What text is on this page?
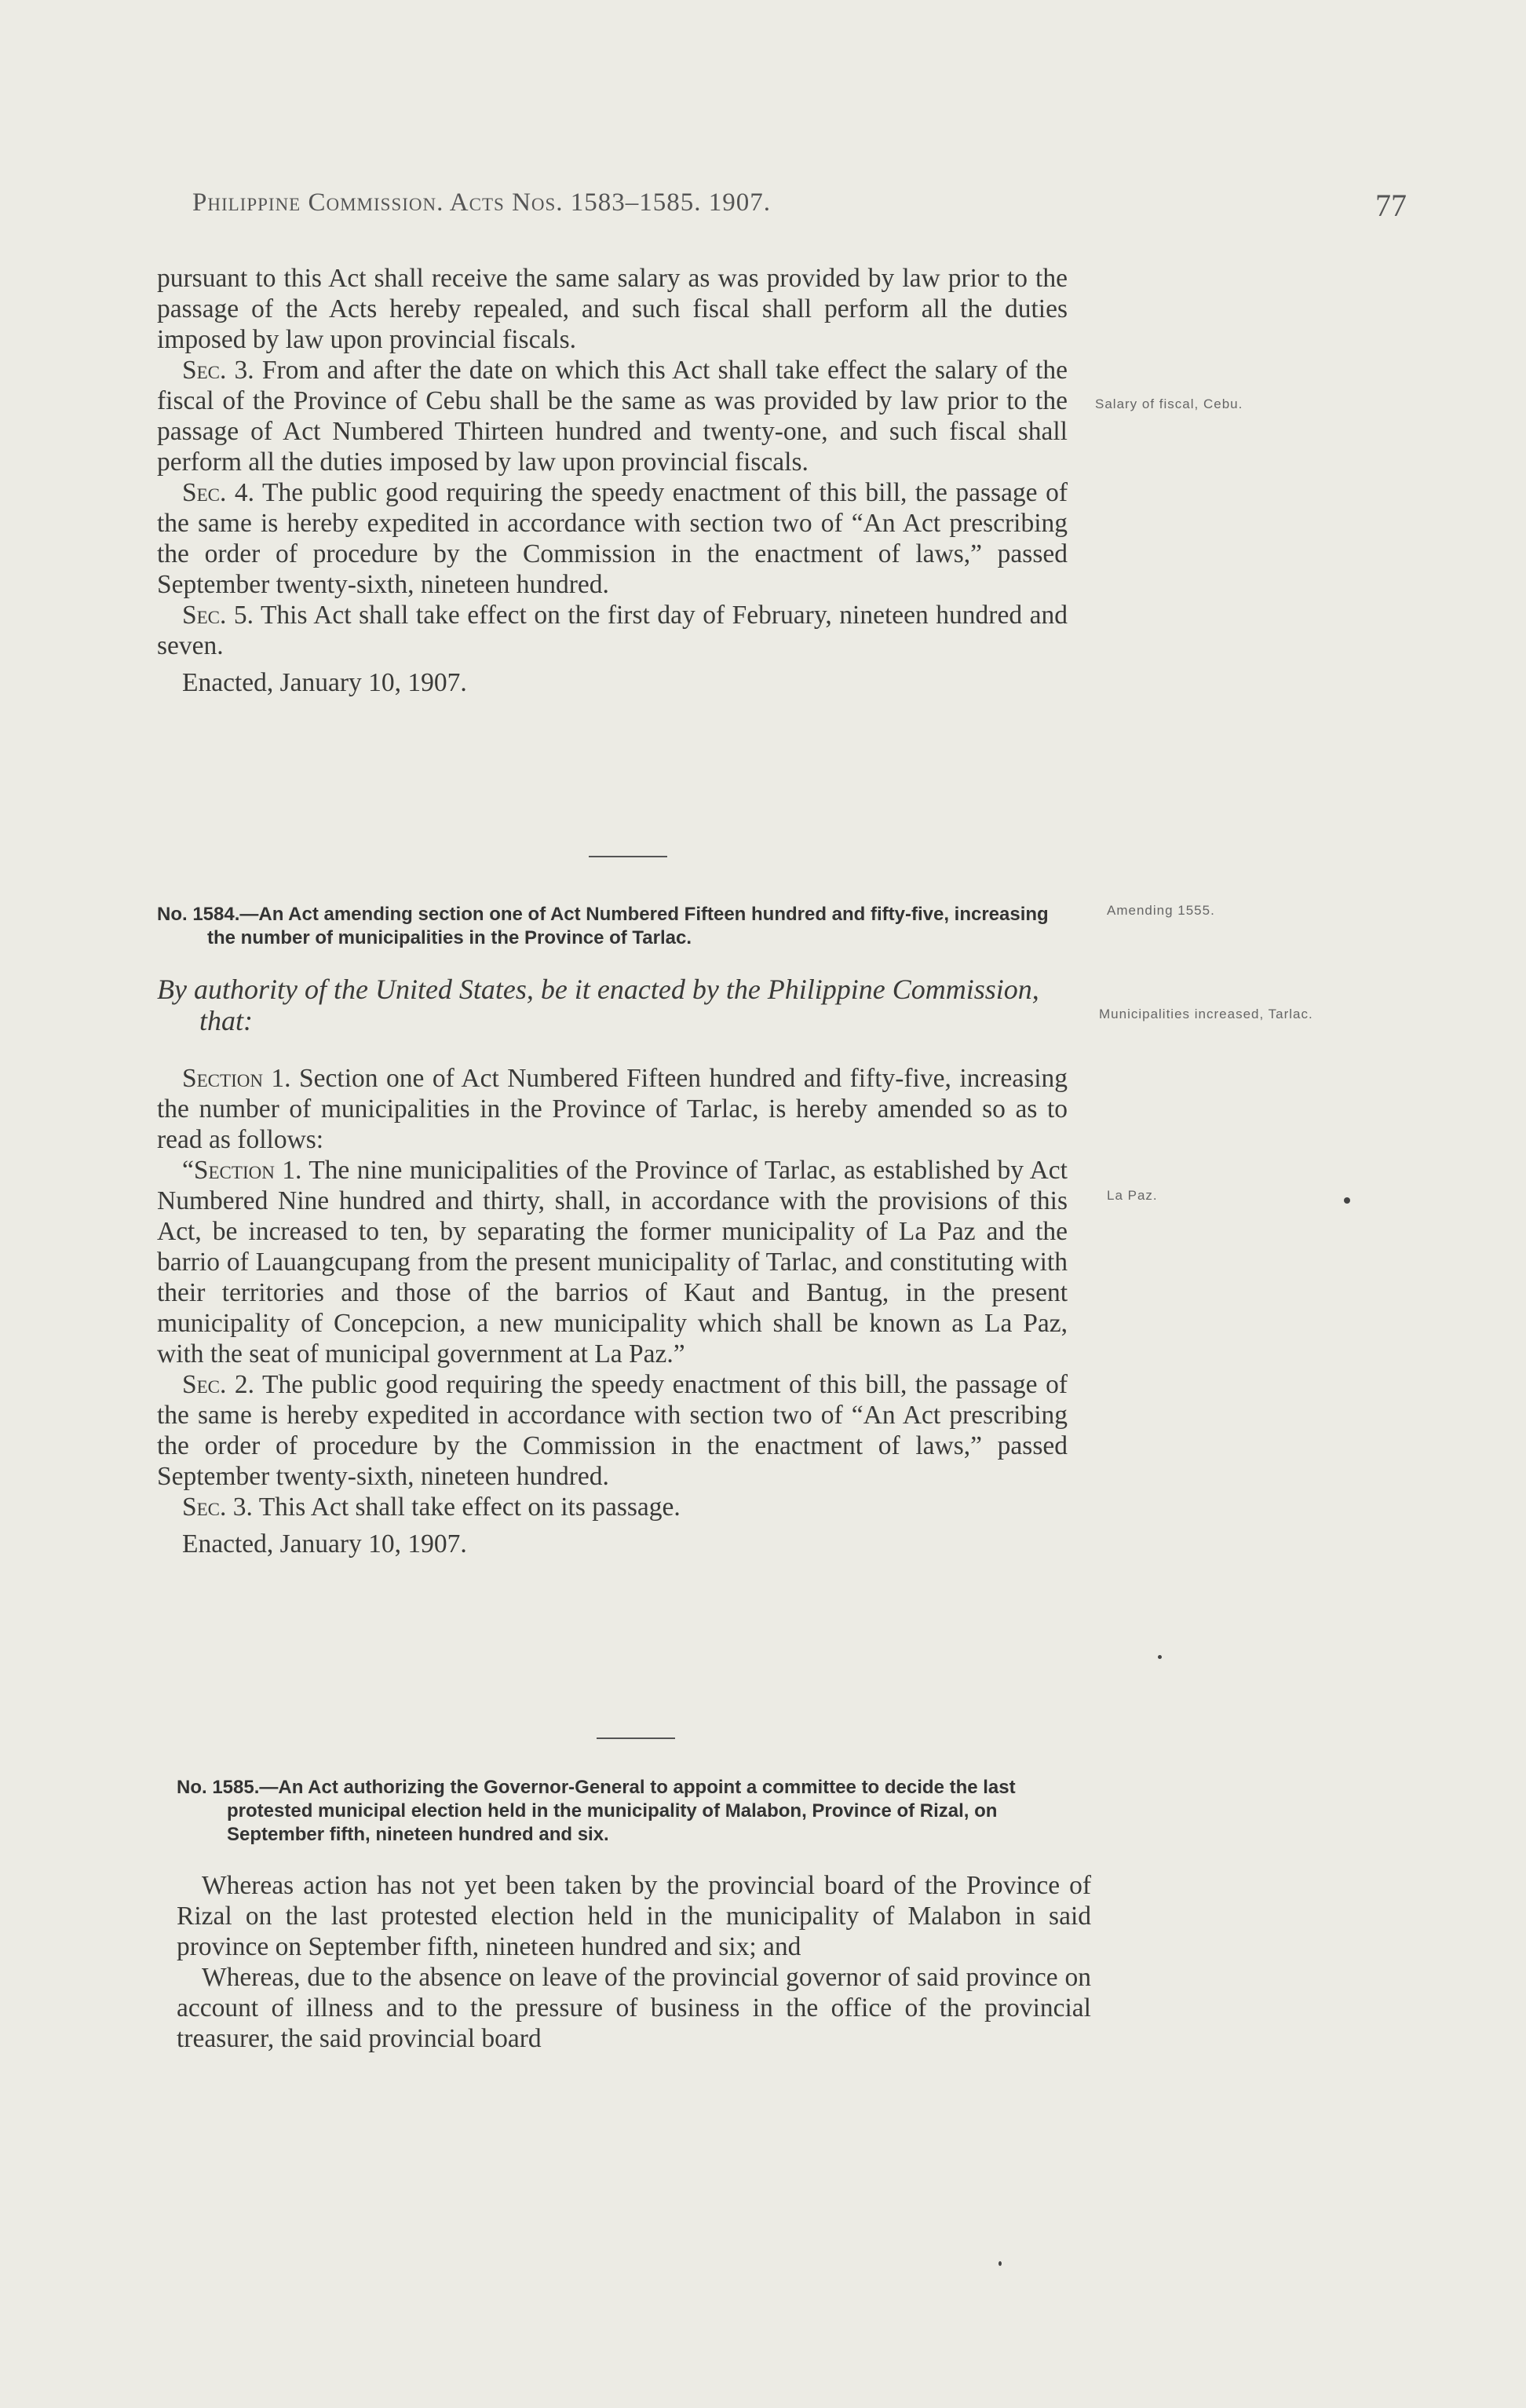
Philippine Commission. Acts Nos. 1583–1585. 1907.	77

pursuant to this Act shall receive the same salary as was provided by law prior to the passage of the Acts hereby repealed, and such fiscal shall perform all the duties imposed by law upon provincial fiscals.

Sec. 3. From and after the date on which this Act shall take effect the salary of the fiscal of the Province of Cebu shall be the same as was provided by law prior to the passage of Act Numbered Thirteen hundred and twenty-one, and such fiscal shall perform all the duties imposed by law upon provincial fiscals.

Sec. 4. The public good requiring the speedy enactment of this bill, the passage of the same is hereby expedited in accordance with section two of “An Act prescribing the order of procedure by the Commission in the enactment of laws,” passed September twenty-sixth, nineteen hundred.

Sec. 5. This Act shall take effect on the first day of February, nineteen hundred and seven.

Enacted, January 10, 1907.

No. 1584.—An Act amending section one of Act Numbered Fifteen hundred and fifty-five, increasing the number of municipalities in the Province of Tarlac.

By authority of the United States, be it enacted by the Philippine Commission, that:

Section 1. Section one of Act Numbered Fifteen hundred and fifty-five, increasing the number of municipalities in the Province of Tarlac, is hereby amended so as to read as follows:

“Section 1. The nine municipalities of the Province of Tarlac, as established by Act Numbered Nine hundred and thirty, shall, in accordance with the provisions of this Act, be increased to ten, by separating the former municipality of La Paz and the barrio of Lauangcupang from the present municipality of Tarlac, and constituting with their territories and those of the barrios of Kaut and Bantug, in the present municipality of Concepcion, a new municipality which shall be known as La Paz, with the seat of municipal government at La Paz.”

Sec. 2. The public good requiring the speedy enactment of this bill, the passage of the same is hereby expedited in accordance with section two of “An Act prescribing the order of procedure by the Commission in the enactment of laws,” passed September twenty-sixth, nineteen hundred.

Sec. 3. This Act shall take effect on its passage.

Enacted, January 10, 1907.

No. 1585.—An Act authorizing the Governor-General to appoint a committee to decide the last protested municipal election held in the municipality of Malabon, Province of Rizal, on September fifth, nineteen hundred and six.

Whereas action has not yet been taken by the provincial board of the Province of Rizal on the last protested election held in the municipality of Malabon in said province on September fifth, nineteen hundred and six; and

Whereas, due to the absence on leave of the provincial governor of said province on account of illness and to the pressure of business in the office of the provincial treasurer, the said provincial board

Salary of fiscal, Cebu.
Amending 1555.
Municipalities increased, Tarlac.
La Paz.
